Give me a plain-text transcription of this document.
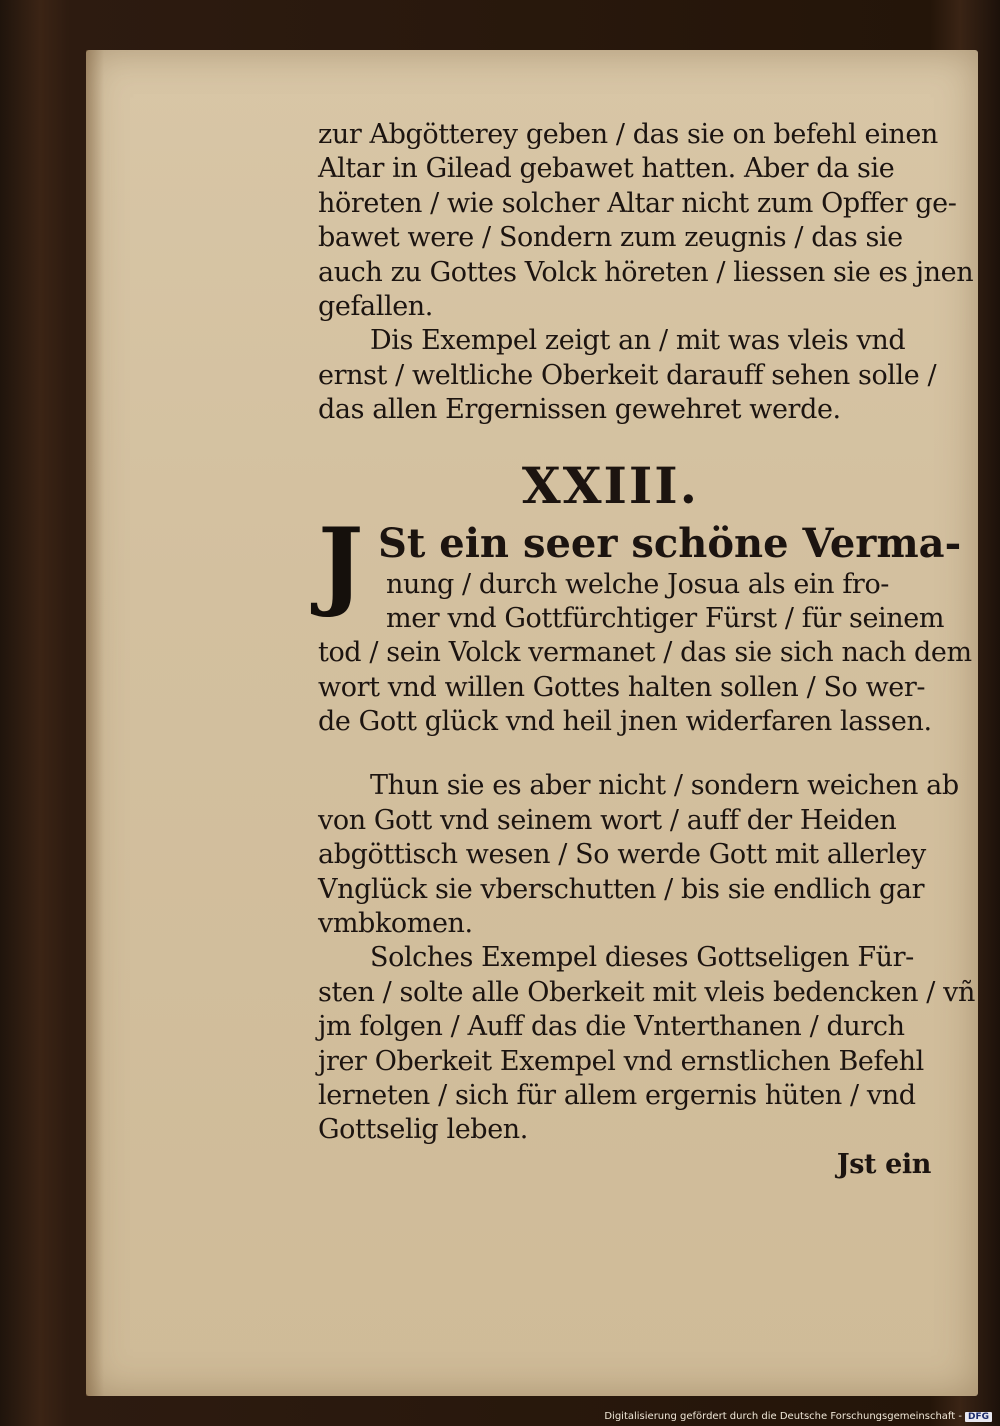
zur Abgötterey geben / das sie on befehl einen
Altar in Gilead gebawet hatten. Aber da sie
höreten / wie solcher Altar nicht zum Opffer ge-
bawet were / Sondern zum zeugnis / das sie
auch zu Gottes Volck höreten / liessen sie es jnen
gefallen.
Dis Exempel zeigt an / mit was vleis vnd
ernst / weltliche Oberkeit darauff sehen solle /
das allen Ergernissen gewehret werde.
XXIII.
J St ein seer schöne Verma-
nung / durch welche Josua als ein fro-
mer vnd Gottfürchtiger Fürst / für seinem
tod / sein Volck vermanet / das sie sich nach dem
wort vnd willen Gottes halten sollen / So wer-
de Gott glück vnd heil jnen widerfaren lassen.
Thun sie es aber nicht / sondern weichen ab
von Gott vnd seinem wort / auff der Heiden
abgöttisch wesen / So werde Gott mit allerley
Vnglück sie vberschutten / bis sie endlich gar
vmbkomen.
Solches Exempel dieses Gottseligen Für-
sten / solte alle Oberkeit mit vleis bedencken / vñ
jm folgen / Auff das die Vnterthanen / durch
jrer Oberkeit Exempel vnd ernstlichen Befehl
lerneten / sich für allem ergernis hüten / vnd
Gottselig leben.
Jst ein
Digitalisierung gefördert durch die Deutsche Forschungsgemeinschaft - DFG
